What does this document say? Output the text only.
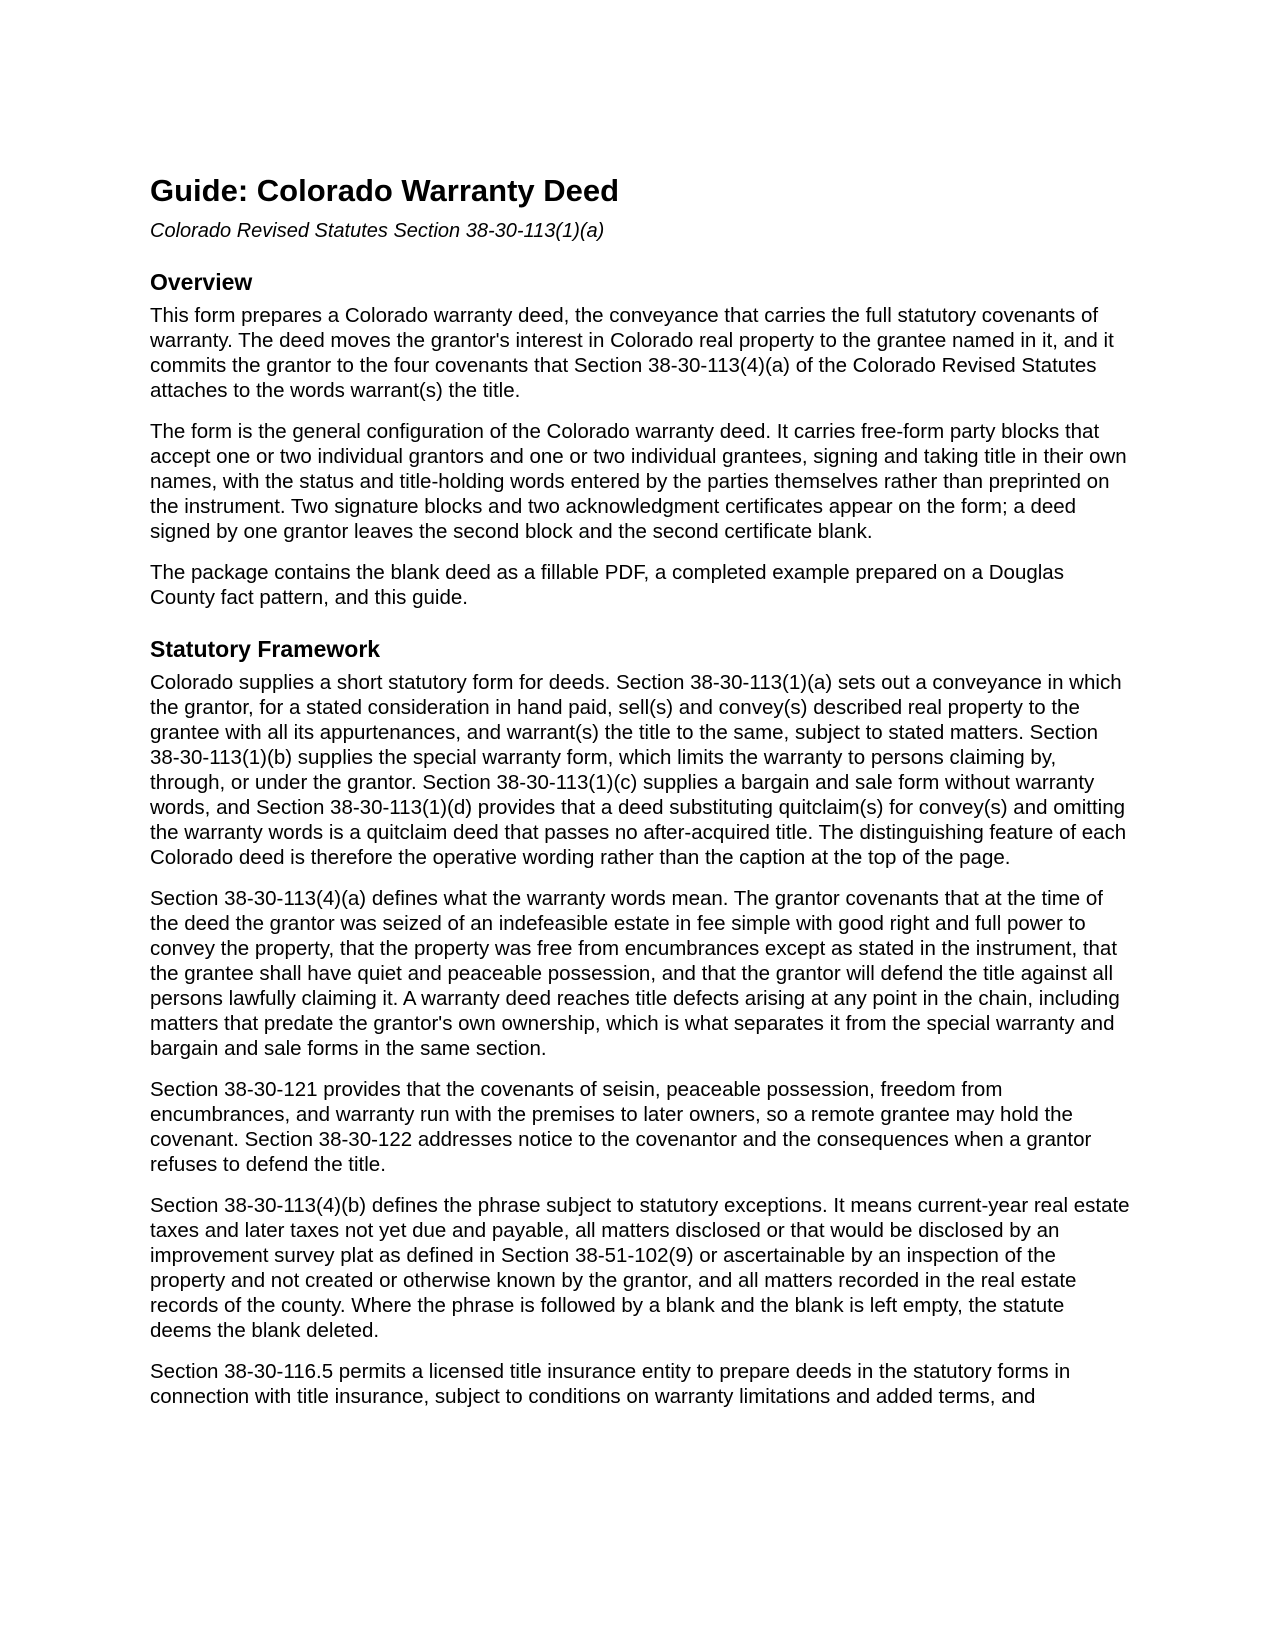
Guide: Colorado Warranty Deed
Colorado Revised Statutes Section 38-30-113(1)(a)
Overview

This form prepares a Colorado warranty deed, the conveyance that carries the full statutory covenants of warranty. The deed moves the grantor's interest in Colorado real property to the grantee named in it, and it commits the grantor to the four covenants that Section 38-30-113(4)(a) of the Colorado Revised Statutes attaches to the words warrant(s) the title.

The form is the general configuration of the Colorado warranty deed. It carries free-form party blocks that accept one or two individual grantors and one or two individual grantees, signing and taking title in their own names, with the status and title-holding words entered by the parties themselves rather than preprinted on the instrument. Two signature blocks and two acknowledgment certificates appear on the form; a deed signed by one grantor leaves the second block and the second certificate blank.

The package contains the blank deed as a fillable PDF, a completed example prepared on a Douglas County fact pattern, and this guide.

Statutory Framework

Colorado supplies a short statutory form for deeds. Section 38-30-113(1)(a) sets out a conveyance in which the grantor, for a stated consideration in hand paid, sell(s) and convey(s) described real property to the grantee with all its appurtenances, and warrant(s) the title to the same, subject to stated matters. Section 38-30-113(1)(b) supplies the special warranty form, which limits the warranty to persons claiming by, through, or under the grantor. Section 38-30-113(1)(c) supplies a bargain and sale form without warranty words, and Section 38-30-113(1)(d) provides that a deed substituting quitclaim(s) for convey(s) and omitting the warranty words is a quitclaim deed that passes no after-acquired title. The distinguishing feature of each Colorado deed is therefore the operative wording rather than the caption at the top of the page.

Section 38-30-113(4)(a) defines what the warranty words mean. The grantor covenants that at the time of the deed the grantor was seized of an indefeasible estate in fee simple with good right and full power to convey the property, that the property was free from encumbrances except as stated in the instrument, that the grantee shall have quiet and peaceable possession, and that the grantor will defend the title against all persons lawfully claiming it. A warranty deed reaches title defects arising at any point in the chain, including matters that predate the grantor's own ownership, which is what separates it from the special warranty and bargain and sale forms in the same section.

Section 38-30-121 provides that the covenants of seisin, peaceable possession, freedom from encumbrances, and warranty run with the premises to later owners, so a remote grantee may hold the covenant. Section 38-30-122 addresses notice to the covenantor and the consequences when a grantor refuses to defend the title.

Section 38-30-113(4)(b) defines the phrase subject to statutory exceptions. It means current-year real estate taxes and later taxes not yet due and payable, all matters disclosed or that would be disclosed by an improvement survey plat as defined in Section 38-51-102(9) or ascertainable by an inspection of the property and not created or otherwise known by the grantor, and all matters recorded in the real estate records of the county. Where the phrase is followed by a blank and the blank is left empty, the statute deems the blank deleted.

Section 38-30-116.5 permits a licensed title insurance entity to prepare deeds in the statutory forms in connection with title insurance, subject to conditions on warranty limitations and added terms, and
